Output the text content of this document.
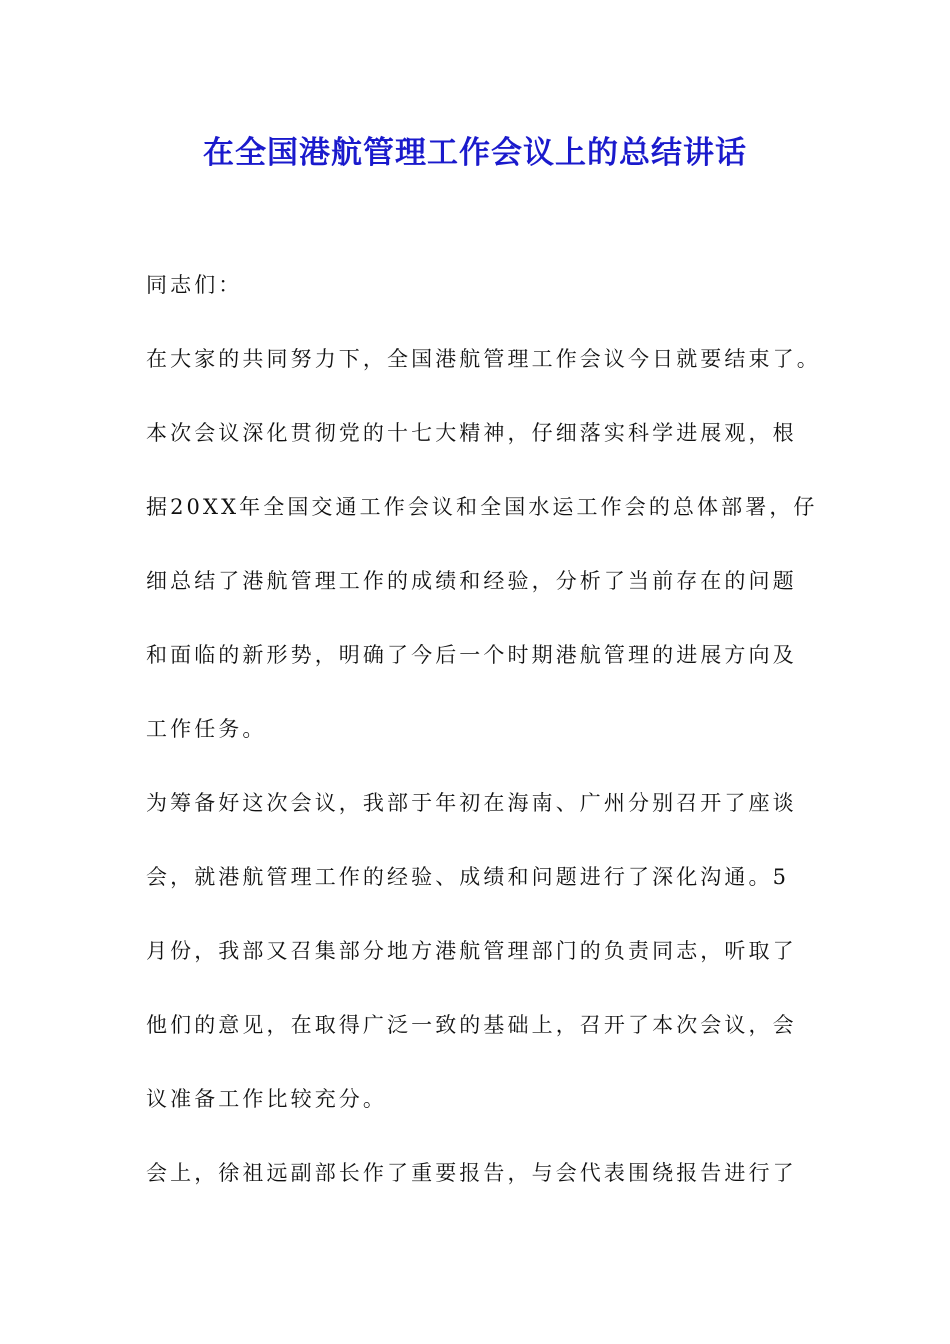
在全国港航管理工作会议上的总结讲话

同志们：

在大家的共同努力下，全国港航管理工作会议今日就要结束了。

本次会议深化贯彻党的十七大精神，仔细落实科学进展观，根

据20XX年全国交通工作会议和全国水运工作会的总体部署，仔

细总结了港航管理工作的成绩和经验，分析了当前存在的问题

和面临的新形势，明确了今后一个时期港航管理的进展方向及

工作任务。

为筹备好这次会议，我部于年初在海南、广州分别召开了座谈

会，就港航管理工作的经验、成绩和问题进行了深化沟通。5

月份，我部又召集部分地方港航管理部门的负责同志，听取了

他们的意见，在取得广泛一致的基础上，召开了本次会议，会

议准备工作比较充分。

会上，徐祖远副部长作了重要报告，与会代表围绕报告进行了
